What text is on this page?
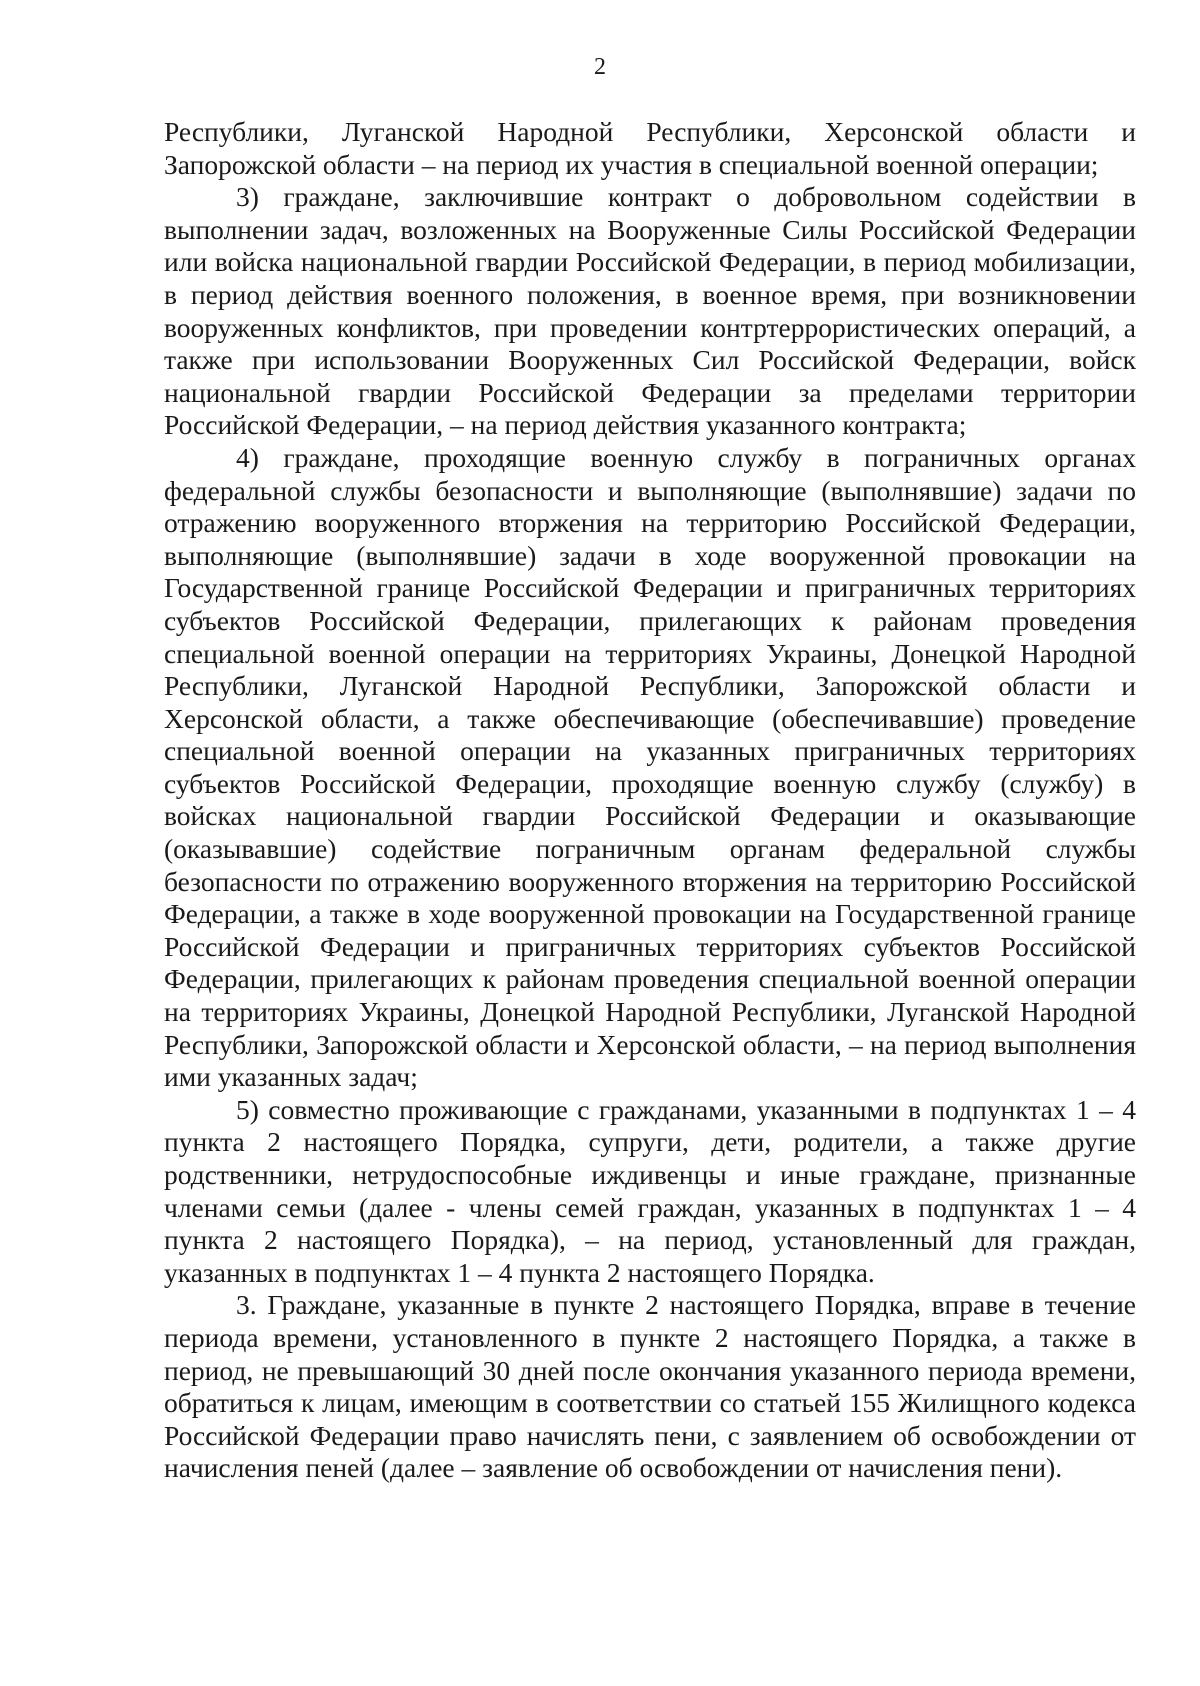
2

Республики, Луганской Народной Республики, Херсонской области и Запорожской области – на период их участия в специальной военной операции;

3) граждане, заключившие контракт о добровольном содействии в выполнении задач, возложенных на Вооруженные Силы Российской Федерации или войска национальной гвардии Российской Федерации, в период мобилизации, в период действия военного положения, в военное время, при возникновении вооруженных конфликтов, при проведении контртеррористических операций, а также при использовании Вооруженных Сил Российской Федерации, войск национальной гвардии Российской Федерации за пределами территории Российской Федерации, – на период действия указанного контракта;

4) граждане, проходящие военную службу в пограничных органах федеральной службы безопасности и выполняющие (выполнявшие) задачи по отражению вооруженного вторжения на территорию Российской Федерации, выполняющие (выполнявшие) задачи в ходе вооруженной провокации на Государственной границе Российской Федерации и приграничных территориях субъектов Российской Федерации, прилегающих к районам проведения специальной военной операции на территориях Украины, Донецкой Народной Республики, Луганской Народной Республики, Запорожской области и Херсонской области, а также обеспечивающие (обеспечивавшие) проведение специальной военной операции на указанных приграничных территориях субъектов Российской Федерации, проходящие военную службу (службу) в войсках национальной гвардии Российской Федерации и оказывающие (оказывавшие) содействие пограничным органам федеральной службы безопасности по отражению вооруженного вторжения на территорию Российской Федерации, а также в ходе вооруженной провокации на Государственной границе Российской Федерации и приграничных территориях субъектов Российской Федерации, прилегающих к районам проведения специальной военной операции на территориях Украины, Донецкой Народной Республики, Луганской Народной Республики, Запорожской области и Херсонской области, – на период выполнения ими указанных задач;

5) совместно проживающие с гражданами, указанными в подпунктах 1 – 4 пункта 2 настоящего Порядка, супруги, дети, родители, а также другие родственники, нетрудоспособные иждивенцы и иные граждане, признанные членами семьи (далее - члены семей граждан, указанных в подпунктах 1 – 4 пункта 2 настоящего Порядка), – на период, установленный для граждан, указанных в подпунктах 1 – 4 пункта 2 настоящего Порядка.

3. Граждане, указанные в пункте 2 настоящего Порядка, вправе в течение периода времени, установленного в пункте 2 настоящего Порядка, а также в период, не превышающий 30 дней после окончания указанного периода времени, обратиться к лицам, имеющим в соответствии со статьей 155 Жилищного кодекса Российской Федерации право начислять пени, с заявлением об освобождении от начисления пеней (далее – заявление об освобождении от начисления пени).
